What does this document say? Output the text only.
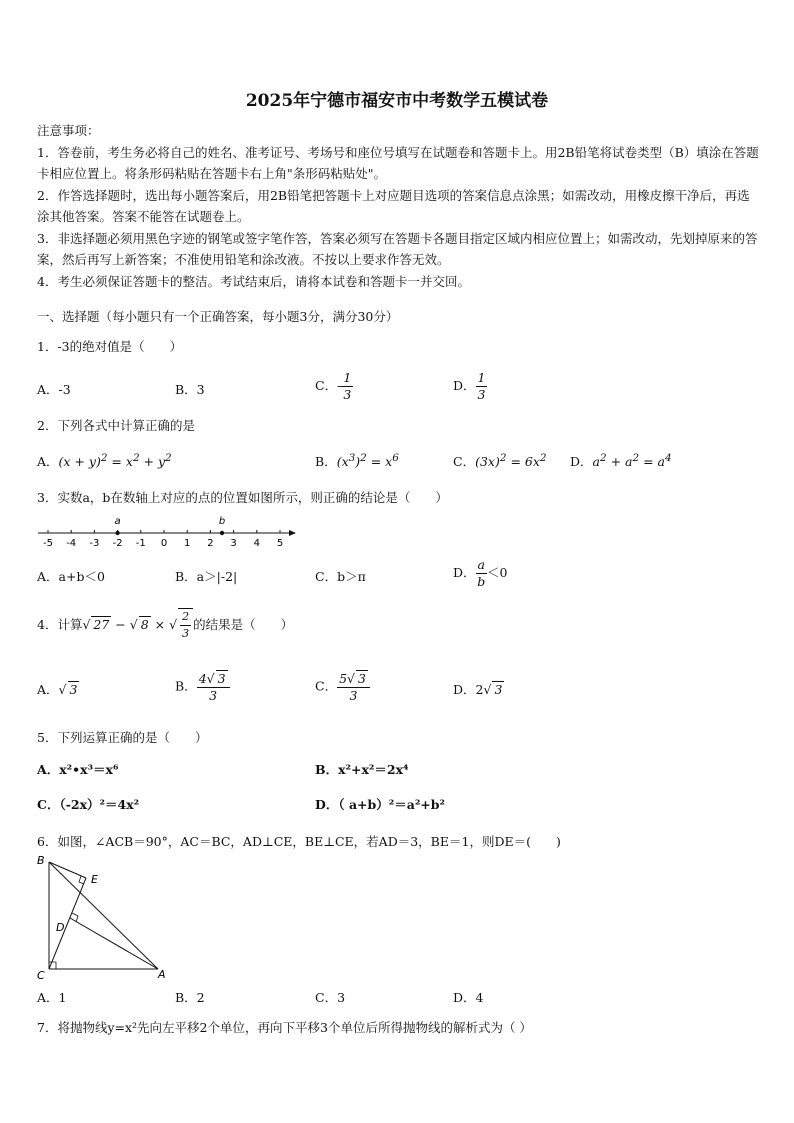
2025年宁德市福安市中考数学五模试卷

注意事项：

1．答卷前，考生务必将自己的姓名、准考证号、考场号和座位号填写在试题卷和答题卡上。用2B铅笔将试卷类型（B）填涂在答题卡相应位置上。将条形码粘贴在答题卡右上角"条形码粘贴处"。

2．作答选择题时，选出每小题答案后，用2B铅笔把答题卡上对应题目选项的答案信息点涂黑；如需改动，用橡皮擦干净后，再选涂其他答案。答案不能答在试题卷上。

3．非选择题必须用黑色字迹的钢笔或签字笔作答，答案必须写在答题卡各题目指定区域内相应位置上；如需改动，先划掉原来的答案，然后再写上新答案；不准使用铅笔和涂改液。不按以上要求作答无效。

4．考生必须保证答题卡的整洁。考试结束后，请将本试卷和答题卡一并交回。

一、选择题（每小题只有一个正确答案，每小题3分，满分30分）
1．-3的绝对值是（　　）
A．-3	B．3	C．- $\frac{1}{3}$	D． $\frac{1}{3}$
2．下列各式中计算正确的是
A．$(x + y)^2 = x^2 + y^2$	B．$(x^3)^2 = x^6$	C．$(3x)^2 = 6x^2$ D．$a^2 + a^2 = a^4$
3．实数a，b在数轴上对应的点的位置如图所示，则正确的结论是（　　）
-5 -4 -3 -2 -1 0 1 2 3 4 5
a	b
A．a+b＜0	B．a＞|-2|	C．b＞π	D． $\frac{a}{b} <0$
4．计算√ 27 − √ 8 × √ $\frac{2}{3}$ 的结果是（　　）
A．√ 3	B． $\frac{4√ 3}{3}$	C． $\frac{5√ 3}{3}$	D．2√ 3
5．下列运算正确的是（　　）
A．x²•x³＝x⁶	B．x²+x²＝2x⁴
C．（-2x）²＝4x²	D．（ a+b）²＝a²+b²
6．如图，∠ACB＝90°，AC＝BC，AD⊥CE，BE⊥CE，若AD＝3，BE＝1，则DE＝(　　)
B
E
D
C	A
A．1	B．2	C．3	D．4
7．将抛物线y=x²先向左平移2个单位，再向下平移3个单位后所得抛物线的解析式为（ ）
